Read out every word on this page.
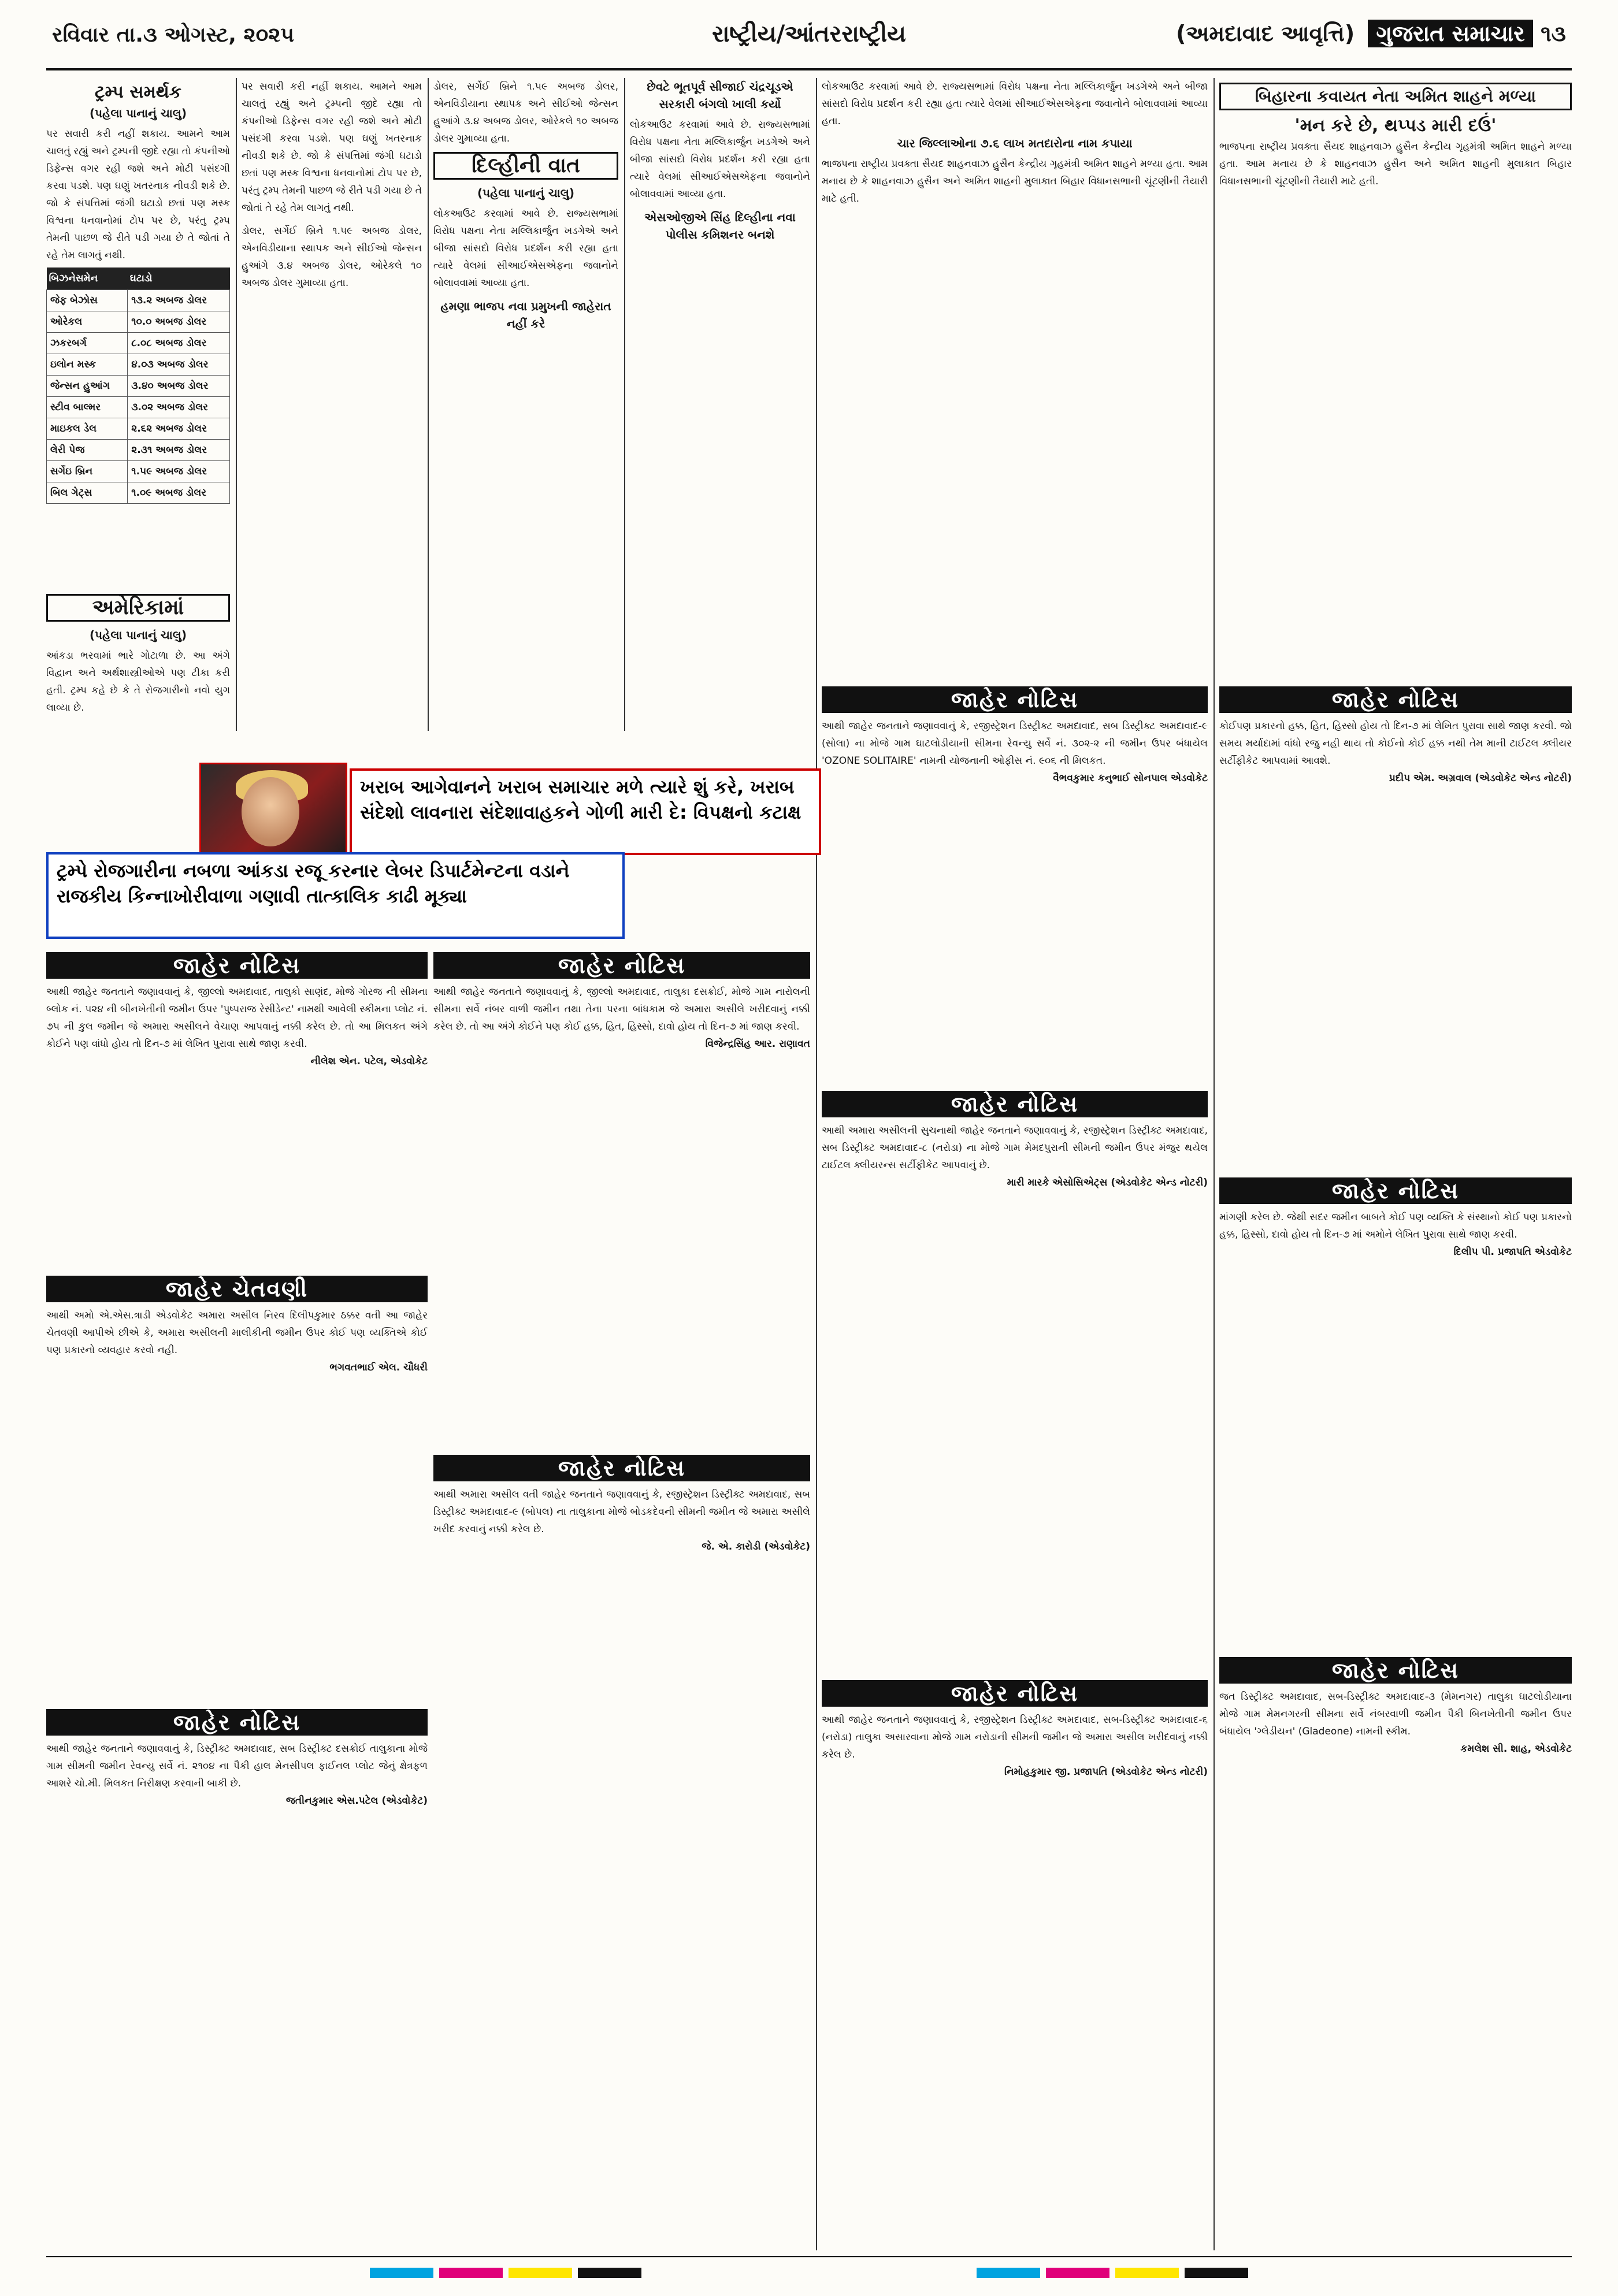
રવિવાર તા.૩ ઓગસ્ટ, ૨૦૨૫	રાષ્ટ્રીય/આંતરરાષ્ટ્રીય	(અમદાવાદ આવૃત્તિ) ગુજરાત સમાચાર ૧૩
ટ્રમ્પ સમર્થક
(પહેલા પાનાનું ચાલુ)

પર સવારી કરી નહીં શકાય. આમને આમ ચાલતું રહ્યું અને ટ્રમ્પની જીદે રહ્યા તો કંપનીઓ ડિફેન્સ વગર રહી જશે અને મોટી પસંદગી કરવા પડશે. પણ ઘણું ખતરનાક નીવડી શકે છે. જો કે સંપત્તિમાં જંગી ઘટાડો છતાં પણ મસ્ક વિશ્વના ધનવાનોમાં ટોપ પર છે, પરંતુ ટ્રમ્પ તેમની પાછળ જે રીતે પડી ગયા છે તે જોતાં તે રહે તેમ લાગતું નથી.

બિઝનેસમેન	ઘટાડો
જેફ બેઝોસ	૧૩.૨ અબજ ડોલર
ઓરેકલ	૧૦.૦ અબજ ડોલર
ઝકરબર્ગ	૮.૦૮ અબજ ડોલર
ઇલોન મસ્ક	૪.૦૩ અબજ ડોલર
જેન્સન હુઆંગ	૩.૪૦ અબજ ડોલર
સ્ટીવ બાલ્મર	૩.૦૨ અબજ ડોલર
માઇકલ ડેલ	૨.૬૨ અબજ ડોલર
લેરી પેજ	૨.૩૧ અબજ ડોલર
સર્ગેઇ બ્રિન	૧.૫૯ અબજ ડોલર
બિલ ગેટ્સ	૧.૦૯ અબજ ડોલર

પર સવારી કરી નહીં શકાય. આમને આમ ચાલતું રહ્યું અને ટ્રમ્પની જીદે રહ્યા તો કંપનીઓ ડિફેન્સ વગર રહી જશે અને મોટી પસંદગી કરવા પડશે. પણ ઘણું ખતરનાક નીવડી શકે છે. જો કે સંપત્તિમાં જંગી ઘટાડો છતાં પણ મસ્ક વિશ્વના ધનવાનોમાં ટોપ પર છે, પરંતુ ટ્રમ્પ તેમની પાછળ જે રીતે પડી ગયા છે તે જોતાં તે રહે તેમ લાગતું નથી.

ડોલર, સર્ગેઈ બ્રિને ૧.૫૯ અબજ ડોલર, એનવિડીયાના સ્થાપક અને સીઈઓ જેન્સન હુઆંગે ૩.૪ અબજ ડોલર, ઓરેકલે ૧૦ અબજ ડોલર ગુમાવ્યા હતા.

ડોલર, સર્ગેઈ બ્રિને ૧.૫૯ અબજ ડોલર, એનવિડીયાના સ્થાપક અને સીઈઓ જેન્સન હુઆંગે ૩.૪ અબજ ડોલર, ઓરેકલે ૧૦ અબજ ડોલર ગુમાવ્યા હતા.

દિલ્હીની વાત
(પહેલા પાનાનું ચાલુ)

લોકઆઉટ કરવામાં આવે છે. રાજ્યસભામાં વિરોધ પક્ષના નેતા મલ્લિકાર્જુન ખડગેએ અને બીજા સાંસદો વિરોધ પ્રદર્શન કરી રહ્યા હતા ત્યારે વેલમાં સીઆઈએસએફના જવાનોને બોલાવવામાં આવ્યા હતા.

હમણા ભાજપ નવા પ્રમુખની જાહેરાત નહીં કરે
છેવટે ભૂતપૂર્વ સીજાઈ ચંદ્રચૂડએ સરકારી બંગલો ખાલી કર્યો

લોકઆઉટ કરવામાં આવે છે. રાજ્યસભામાં વિરોધ પક્ષના નેતા મલ્લિકાર્જુન ખડગેએ અને બીજા સાંસદો વિરોધ પ્રદર્શન કરી રહ્યા હતા ત્યારે વેલમાં સીઆઈએસએફના જવાનોને બોલાવવામાં આવ્યા હતા.

એસઓજીએ સિંહ દિલ્હીના નવા પોલીસ કમિશનર બનશે

લોકઆઉટ કરવામાં આવે છે. રાજ્યસભામાં વિરોધ પક્ષના નેતા મલ્લિકાર્જુન ખડગેએ અને બીજા સાંસદો વિરોધ પ્રદર્શન કરી રહ્યા હતા ત્યારે વેલમાં સીઆઈએસએફના જવાનોને બોલાવવામાં આવ્યા હતા.

ચાર જિલ્લાઓના ૭.૬ લાખ મતદારોના નામ કપાયા

ભાજપના રાષ્ટ્રીય પ્રવક્તા સૈયદ શાહનવાઝ હુસૈન કેન્દ્રીય ગૃહમંત્રી અમિત શાહને મળ્યા હતા. આમ મનાય છે કે શાહનવાઝ હુસૈન અને અમિત શાહની મુલાકાત બિહાર વિધાનસભાની ચૂંટણીની તૈયારી માટે હતી.

બિહારના કવાયત નેતા અમિત શાહને મળ્યા
'મન કરે છે, થપ્પડ મારી દઉં'

ભાજપના રાષ્ટ્રીય પ્રવક્તા સૈયદ શાહનવાઝ હુસૈન કેન્દ્રીય ગૃહમંત્રી અમિત શાહને મળ્યા હતા. આમ મનાય છે કે શાહનવાઝ હુસૈન અને અમિત શાહની મુલાકાત બિહાર વિધાનસભાની ચૂંટણીની તૈયારી માટે હતી.

અમેરિકામાં
(પહેલા પાનાનું ચાલુ)

આંકડા ભરવામાં ભારે ગોટાળા છે. આ અંગે વિદ્વાન અને અર્થશાસ્ત્રીઓએ પણ ટીકા કરી હતી. ટ્રમ્પ કહે છે કે તે રોજગારીનો નવો યુગ લાવ્યા છે.

ખરાબ આગેવાનને ખરાબ સમાચાર મળે ત્યારે શું કરે, ખરાબ સંદેશો લાવનારા સંદેશાવાહકને ગોળી મારી દે: વિપક્ષનો કટાક્ષ
ટ્રમ્પે રોજગારીના નબળા આંકડા રજૂ કરનાર લેબર ડિપાર્ટમેન્ટના વડાને રાજકીય કિન્નાખોરીવાળા ગણાવી તાત્કાલિક કાઢી મૂક્યા
જાહેર નોટિસ

આથી જાહેર જનતાને જણાવવાનું કે, જીલ્લો અમદાવાદ, તાલુકો સાણંદ, મોજે ગોરજ ની સીમના બ્લોક નં. ૫૨૪ ની બીનખેતીની જમીન ઉપર 'પુષ્પરાજ રેસીડેન્ટ' નામથી આવેલી સ્કીમના પ્લોટ નં. ૭૫ ની કુલ જમીન જે અમારા અસીલને વેચાણ આપવાનું નક્કી કરેલ છે. તો આ મિલકત અંગે કોઈને પણ વાંધો હોય તો દિન-૭ માં લેખિત પુરાવા સાથે જાણ કરવી.

નીલેશ એન. પટેલ, એડવોકેટ

જાહેર ચેતવણી

આથી અમો એ.એસ.ત્રાડી એડવોકેટ અમારા અસીલ નિરવ દિલીપકુમાર ઠક્કર વતી આ જાહેર ચેતવણી આપીએ છીએ કે, અમારા અસીલની માલીકીની જમીન ઉપર કોઈ પણ વ્યક્તિએ કોઈ પણ પ્રકારનો વ્યવહાર કરવો નહી.

ભગવતભાઈ એલ. ચૌધરી

જાહેર નોટિસ

આથી જાહેર જનતાને જણાવવાનું કે, ડિસ્ટ્રીક્ટ અમદાવાદ, સબ ડિસ્ટ્રીક્ટ દસક્રોઈ તાલુકાના મોજે ગામ સીમની જમીન રેવન્યુ સર્વે નં. ૨૧૦૪ ના પૈકી હાલ મેનસીપલ ફાઈનલ પ્લોટ જેનું ક્ષેત્રફળ આશરે ચો.મી. મિલકત નિરીક્ષણ કરવાની બાકી છે.

જતીનકુમાર એસ.પટેલ (એડવોકેટ)

જાહેર નોટિસ

આથી જાહેર જનતાને જણાવવાનું કે, જીલ્લો અમદાવાદ, તાલુકા દસક્રોઈ, મોજે ગામ નારોલની સીમના સર્વે નંબર વાળી જમીન તથા તેના પરના બાંધકામ જે અમારા અસીલે ખરીદવાનું નક્કી કરેલ છે. તો આ અંગે કોઈને પણ કોઈ હક્ક, હિત, હિસ્સો, દાવો હોય તો દિન-૭ માં જાણ કરવી.

વિજેન્દ્રસિંહ આર. રાણાવત

જાહેર નોટિસ

આથી અમારા અસીલ વતી જાહેર જનતાને જણાવવાનું કે, રજીસ્ટ્રેશન ડિસ્ટ્રીક્ટ અમદાવાદ, સબ ડિસ્ટ્રીક્ટ અમદાવાદ-૯ (બોપલ) ના તાલુકાના મોજે બોડકદેવની સીમની જમીન જે અમારા અસીલે ખરીદ કરવાનું નક્કી કરેલ છે.

જે. એ. કારોડી (એડવોકેટ)

જાહેર નોટિસ

આથી જાહેર જનતાને જણાવવાનું કે, રજીસ્ટ્રેશન ડિસ્ટ્રીક્ટ અમદાવાદ, સબ ડિસ્ટ્રીક્ટ અમદાવાદ-૯ (સોલા) ના મોજે ગામ ઘાટલોડીયાની સીમના રેવન્યુ સર્વે નં. ૩૦૨-૨ ની જમીન ઉપર બંધાયેલ 'OZONE SOLITAIRE' નામની યોજનાની ઓફીસ નં. ૯૦૬ ની મિલકત.

વૈભવકુમાર કનુભાઈ સોનપાલ એડવોકેટ

જાહેર નોટિસ

આથી અમારા અસીલની સુચનાથી જાહેર જનતાને જણાવવાનું કે, રજીસ્ટ્રેશન ડિસ્ટ્રીક્ટ અમદાવાદ, સબ ડિસ્ટ્રીક્ટ અમદાવાદ-૮ (નરોડા) ના મોજે ગામ મેમદપુરાની સીમની જમીન ઉપર મંજુર થયેલ ટાઈટલ ક્લીયરન્સ સર્ટીફીકેટ આપવાનું છે.

મારી મારકે એસોસિએટ્સ (એડવોકેટ એન્ડ નોટરી)

જાહેર નોટિસ

આથી જાહેર જનતાને જણાવવાનું કે, રજીસ્ટ્રેશન ડિસ્ટ્રીક્ટ અમદાવાદ, સબ-ડિસ્ટ્રીક્ટ અમદાવાદ-૬ (નરોડા) તાલુકા અસારવાના મોજે ગામ નરોડાની સીમની જમીન જે અમારા અસીલ ખરીદવાનું નક્કી કરેલ છે.

નિમોહકુમાર જી. પ્રજાપતિ (એડવોકેટ એન્ડ નોટરી)

જાહેર નોટિસ

કોઈપણ પ્રકારનો હક્ક, હિત, હિસ્સો હોય તો દિન-૭ માં લેખિત પુરાવા સાથે જાણ કરવી. જો સમય મર્યાદામાં વાંધો રજુ નહી થાય તો કોઈનો કોઈ હક્ક નથી તેમ માની ટાઈટલ ક્લીયર સર્ટીફીકેટ આપવામાં આવશે.

પ્રદીપ એમ. અગ્રવાલ (એડવોકેટ એન્ડ નોટરી)

જાહેર નોટિસ

માંગણી કરેલ છે. જેથી સદર જમીન બાબતે કોઈ પણ વ્યક્તિ કે સંસ્થાનો કોઈ પણ પ્રકારનો હક્ક, હિસ્સો, દાવો હોય તો દિન-૭ માં અમોને લેખિત પુરાવા સાથે જાણ કરવી.

દિલીપ પી. પ્રજાપતિ એડવોકેટ

જાહેર નોટિસ

જત ડિસ્ટ્રીક્ટ અમદાવાદ, સબ-ડિસ્ટ્રીક્ટ અમદાવાદ-૩ (મેમનગર) તાલુકા ઘાટલોડીયાના મોજે ગામ મેમનગરની સીમના સર્વે નંબરવાળી જમીન પૈકી બિનખેતીની જમીન ઉપર બંધાયેલ 'ગ્લેડીયન' (Gladeone) નામની સ્કીમ.

કમલેશ સી. શાહ, એડવોકેટ
